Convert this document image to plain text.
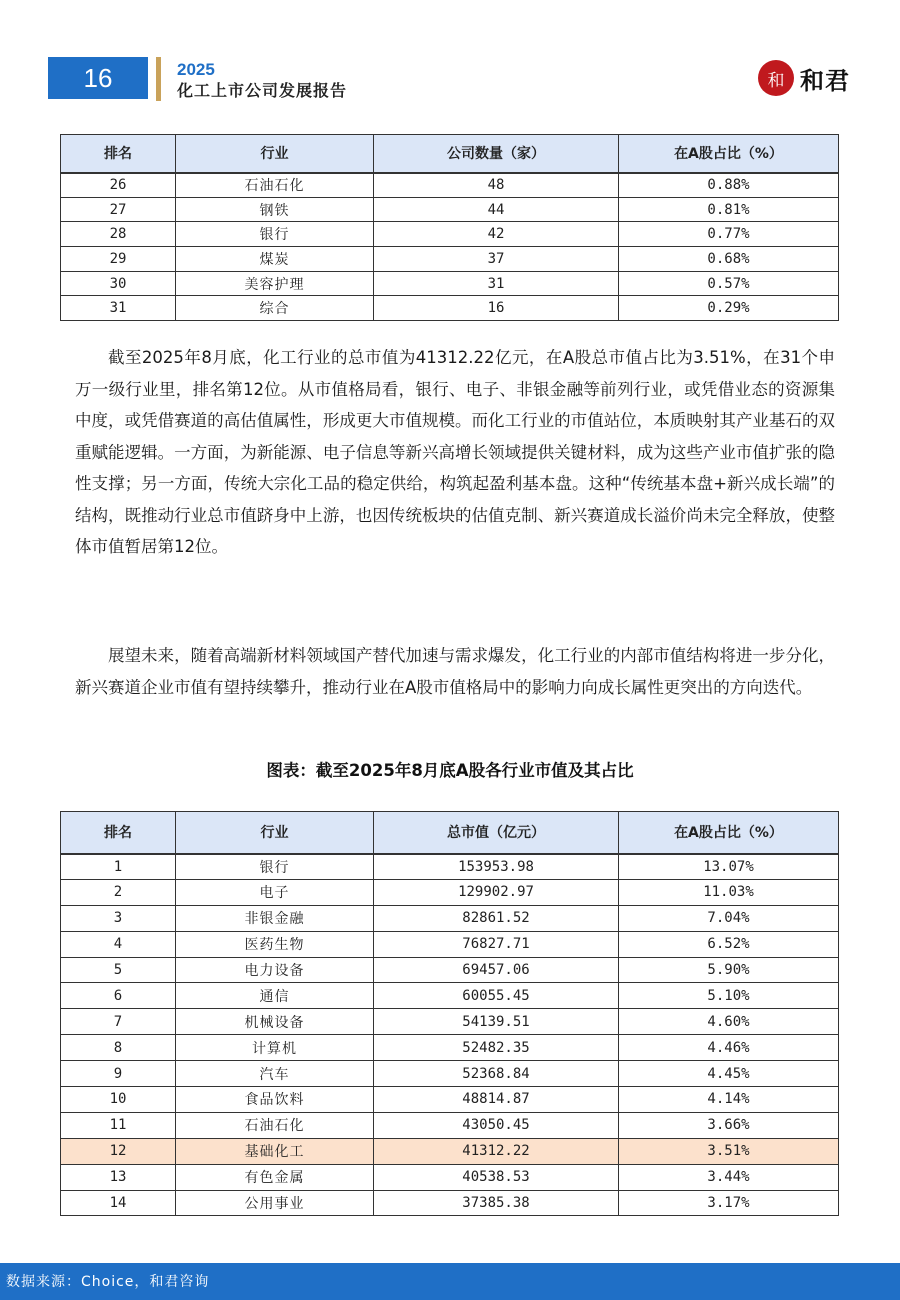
16	2025
化工上市公司发展报告	和 和君
排名	行业	公司数量（家）	在A股占比（%）
26	石油石化	48	0.88%
27	钢铁	44	0.81%
28	银行	42	0.77%
29	煤炭	37	0.68%
30	美容护理	31	0.57%
31	综合	16	0.29%

截至2025年8月底，化工行业的总市值为41312.22亿元，在A股总市值占比为3.51%，在31个申万一级行业里，排名第12位。从市值格局看，银行、电子、非银金融等前列行业，或凭借业态的资源集中度，或凭借赛道的高估值属性，形成更大市值规模。而化工行业的市值站位，本质映射其产业基石的双重赋能逻辑。一方面，为新能源、电子信息等新兴高增长领域提供关键材料，成为这些产业市值扩张的隐性支撑；另一方面，传统大宗化工品的稳定供给，构筑起盈利基本盘。这种“传统基本盘+新兴成长端”的结构，既推动行业总市值跻身中上游，也因传统板块的估值克制、新兴赛道成长溢价尚未完全释放，使整体市值暂居第12位。

展望未来，随着高端新材料领域国产替代加速与需求爆发，化工行业的内部市值结构将进一步分化，新兴赛道企业市值有望持续攀升，推动行业在A股市值格局中的影响力向成长属性更突出的方向迭代。

图表：截至2025年8月底A股各行业市值及其占比
排名	行业	总市值（亿元）	在A股占比（%）
1	银行	153953.98	13.07%
2	电子	129902.97	11.03%
3	非银金融	82861.52	7.04%
4	医药生物	76827.71	6.52%
5	电力设备	69457.06	5.90%
6	通信	60055.45	5.10%
7	机械设备	54139.51	4.60%
8	计算机	52482.35	4.46%
9	汽车	52368.84	4.45%
10	食品饮料	48814.87	4.14%
11	石油石化	43050.45	3.66%
12	基础化工	41312.22	3.51%
13	有色金属	40538.53	3.44%
14	公用事业	37385.38	3.17%
数据来源：Choice，和君咨询
